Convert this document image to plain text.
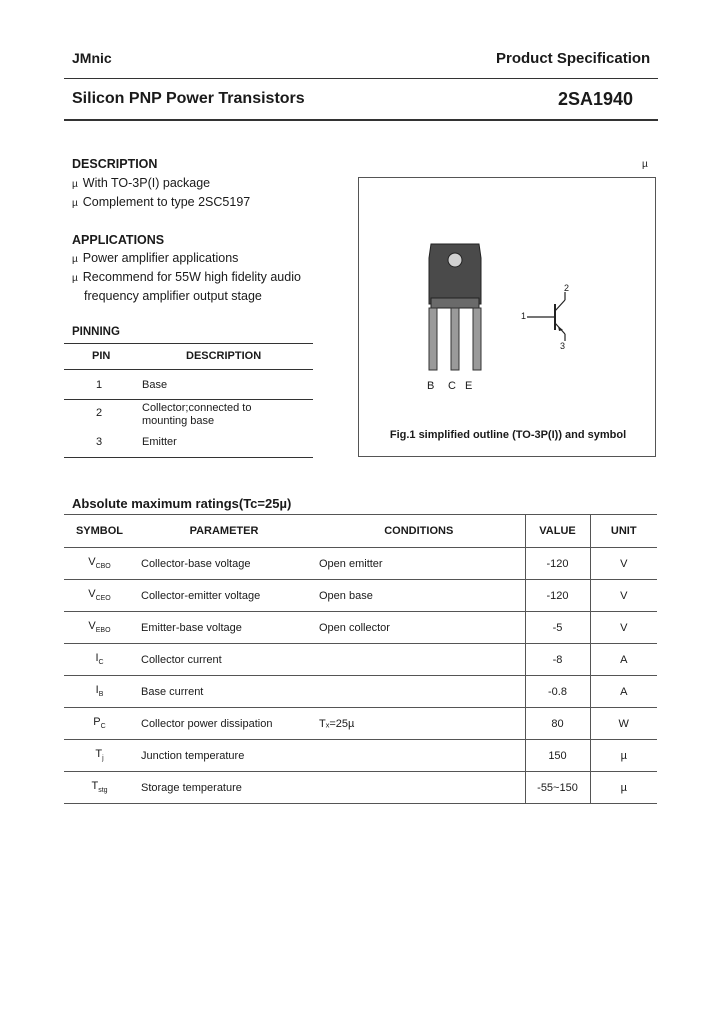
JMnic	Product Specification
Silicon PNP Power Transistors	2SA1940
µ
DESCRIPTION
µ With TO-3P(I) package
µ Complement to type 2SC5197
APPLICATIONS
µ Power amplifier applications
µ Recommend for 55W high fidelity audio
frequency amplifier output stage
PINNING
PIN	DESCRIPTION
1	Base
2	Collector;connected to
mounting base
3	Emitter
B C E
1
2
3
Fig.1 simplified outline (TO-3P(I)) and symbol
Absolute maximum ratings(Tc=25µ)
SYMBOL	PARAMETER	CONDITIONS	VALUE	UNIT
$V_{CBO}$	Collector-base voltage	Open emitter	-120	V
$V_{CEO}$	Collector-emitter voltage	Open base	-120	V
$V_{EBO}$	Emitter-base voltage	Open collector	-5	V
$I_C$	Collector current		-8	A
$I_B$	Base current		-0.8	A
$P_C$	Collector power dissipation	Tₓ=25µ	80	W
$T_j$	Junction temperature		150	µ
$T_{stg}$	Storage temperature		-55~150	µ
